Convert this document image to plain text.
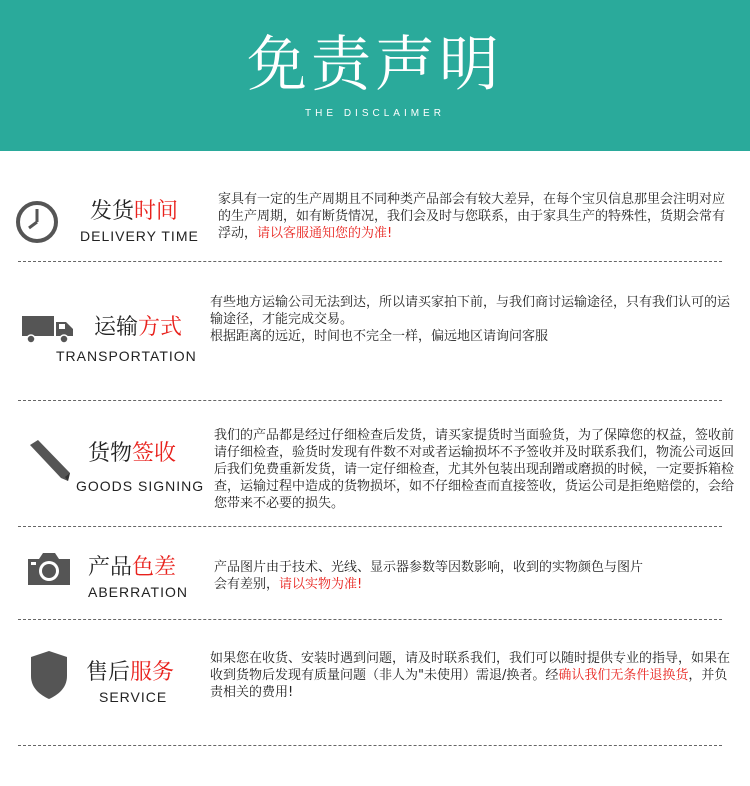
免责声明
THE DISCLAIMER
发货时间
DELIVERY TIME
家具有一定的生产周期且不同种类产品部会有较大差异，在每个宝贝信息那里会注明对应的生产周期，如有断货情况，我们会及时与您联系，由于家具生产的特殊性，货期会常有浮动，请以客服通知您的为准!
运输方式
TRANSPORTATION
有些地方运输公司无法到达，所以请买家拍下前，与我们商讨运输途径，只有我们认可的运输途径，才能完成交易。
根据距离的远近，时间也不完全一样，偏远地区请询问客服
货物签收
GOODS SIGNING
我们的产品都是经过仔细检查后发货，请买家提货时当面验货，为了保障您的权益，签收前请仔细检查，验货时发现有件数不对或者运输损坏不予签收并及时联系我们，物流公司返回后我们免费重新发货，请一定仔细检查，尤其外包装出现刮蹭或磨损的时候，一定要拆箱检查，运输过程中造成的货物损坏，如不仔细检查而直接签收，货运公司是拒绝赔偿的，会给您带来不必要的损失。
产品色差
ABERRATION
产品图片由于技术、光线、显示器参数等因数影响，收到的实物颜色与图片会有差别，请以实物为准!
售后服务
SERVICE
如果您在收货、安装时遇到问题，请及时联系我们，我们可以随时提供专业的指导，如果在收到货物后发现有质量问题（非人为"未使用）需退/换者。经确认我们无条件退换货，并负责相关的费用!
